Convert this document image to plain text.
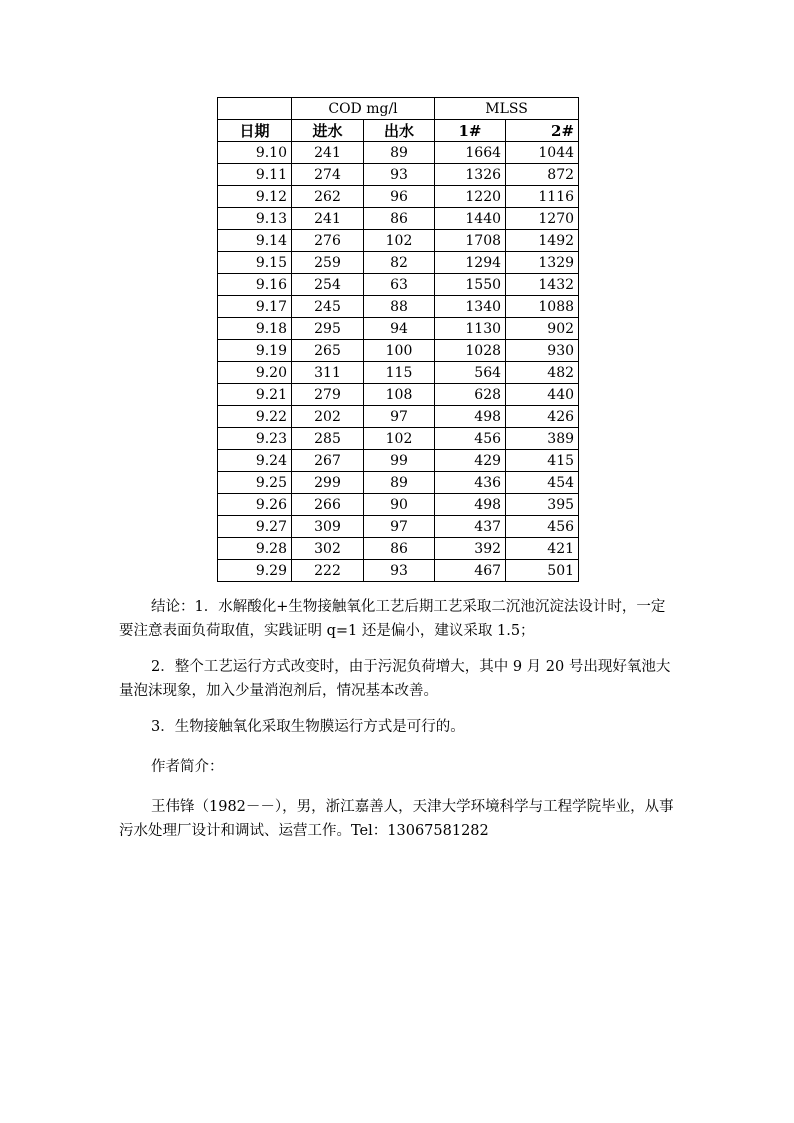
	COD mg/l		MLSS	
日期	进水	出水	1#	2#
9.10	241	89	1664	1044
9.11	274	93	1326	872
9.12	262	96	1220	1116
9.13	241	86	1440	1270
9.14	276	102	1708	1492
9.15	259	82	1294	1329
9.16	254	63	1550	1432
9.17	245	88	1340	1088
9.18	295	94	1130	902
9.19	265	100	1028	930
9.20	311	115	564	482
9.21	279	108	628	440
9.22	202	97	498	426
9.23	285	102	456	389
9.24	267	99	429	415
9.25	299	89	436	454
9.26	266	90	498	395
9.27	309	97	437	456
9.28	302	86	392	421
9.29	222	93	467	501

结论：1．水解酸化+生物接触氧化工艺后期工艺采取二沉池沉淀法设计时，一定要注意表面负荷取值，实践证明 q=1 还是偏小，建议采取 1.5；

2．整个工艺运行方式改变时，由于污泥负荷增大，其中 9 月 20 号出现好氧池大量泡沫现象，加入少量消泡剂后，情况基本改善。

3．生物接触氧化采取生物膜运行方式是可行的。

作者简介：

王伟锋（1982－－），男，浙江嘉善人，天津大学环境科学与工程学院毕业，从事污水处理厂设计和调试、运营工作。Tel：13067581282
